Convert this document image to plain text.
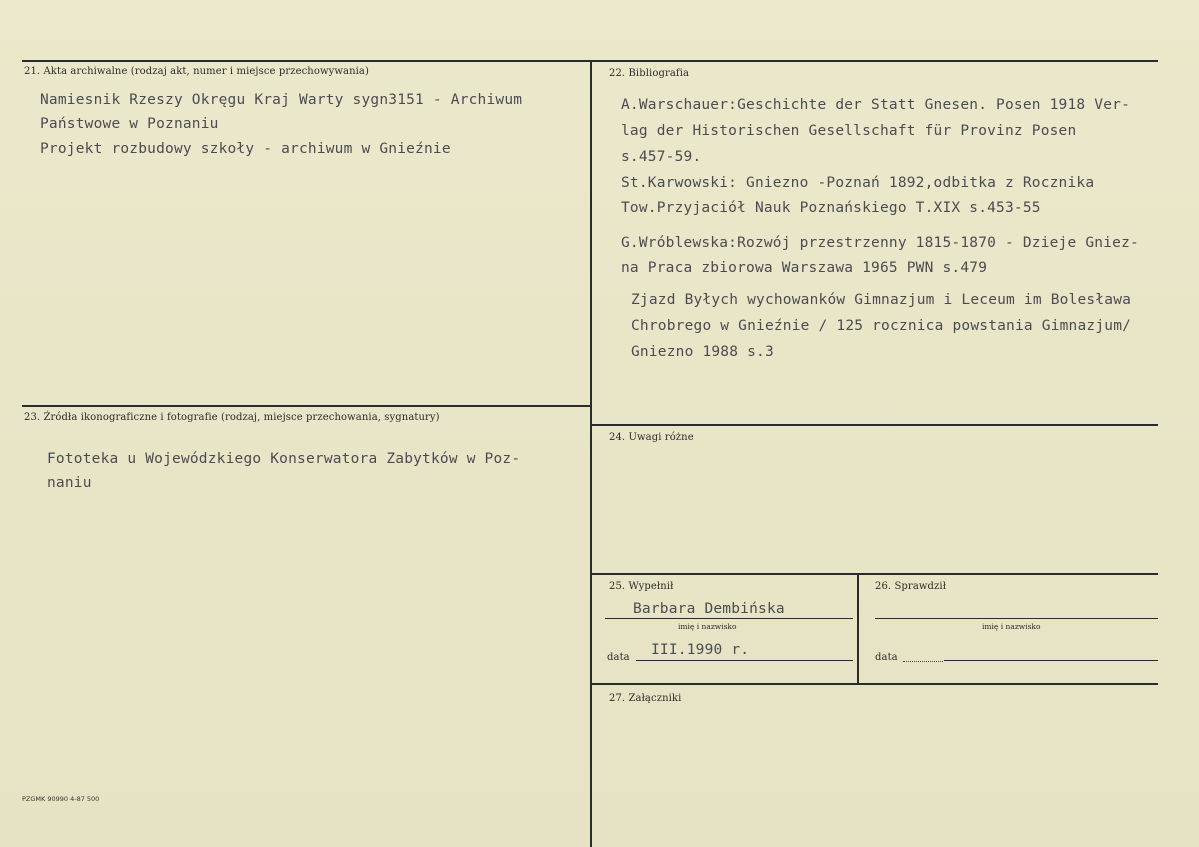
21. Akta archiwalne (rodzaj akt, numer i miejsce przechowywania)
Namiesnik Rzeszy Okręgu Kraj Warty sygn3151 - Archiwum
Państwowe w Poznaniu
Projekt rozbudowy szkoły - archiwum w Gnieźnie
22. Bibliografia
A.Warschauer:Geschichte der Statt Gnesen. Posen 1918 Ver-
lag der Historischen Gesellschaft für Provinz Posen
s.457-59.
St.Karwowski: Gniezno -Poznań 1892,odbitka z Rocznika
Tow.Przyjaciół Nauk Poznańskiego T.XIX s.453-55
G.Wróblewska:Rozwój przestrzenny 1815-1870 - Dzieje Gniez-
na Praca zbiorowa Warszawa 1965 PWN s.479
Zjazd Byłych wychowanków Gimnazjum i Leceum im Bolesława
Chrobrego w Gnieźnie / 125 rocznica powstania Gimnazjum/
Gniezno 1988 s.3
23. Źródła ikonograficzne i fotografie (rodzaj, miejsce przechowania, sygnatury)
Fototeka u Wojewódzkiego Konserwatora Zabytków w Poz-
naniu
24. Uwagi różne
25. Wypełnił
Barbara Dembińska
imię i nazwisko
data III.1990 r.
26. Sprawdził
imię i nazwisko
data
27. Załączniki
PZGMK 90990 4-87 500
